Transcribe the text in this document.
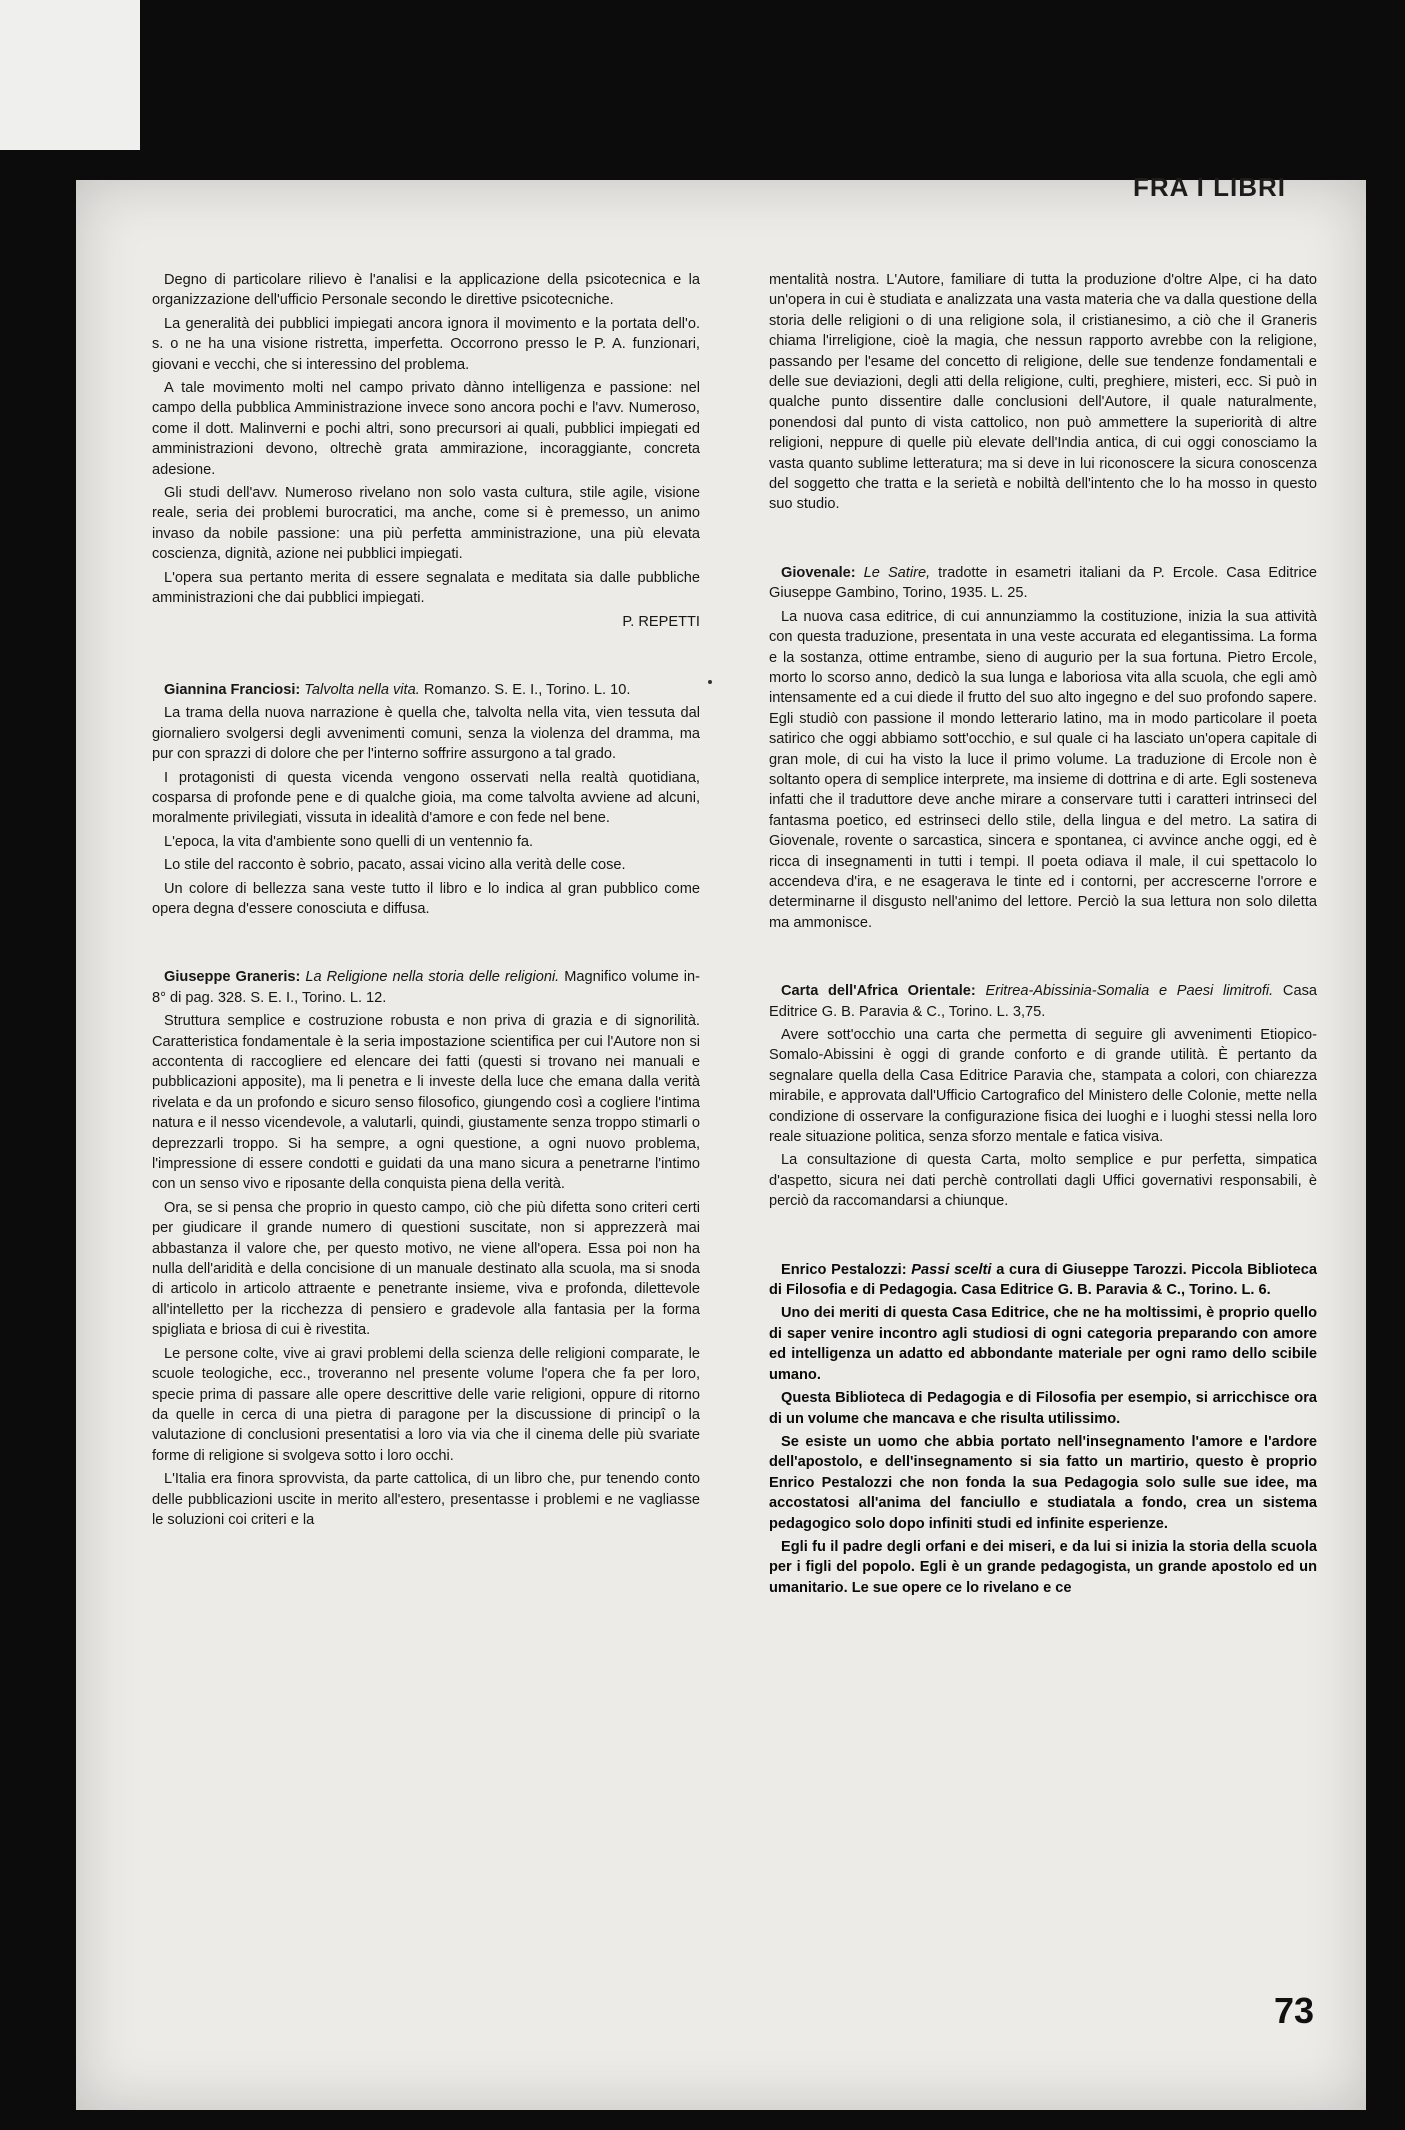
FRA I LIBRI

Degno di particolare rilievo è l'analisi e la applicazione della psicotecnica e la organizzazione dell'ufficio Personale secondo le direttive psicotecniche.

La generalità dei pubblici impiegati ancora ignora il movimento e la portata dell'o. s. o ne ha una visione ristretta, imperfetta. Occorrono presso le P. A. funzionari, giovani e vecchi, che si interessino del problema.

A tale movimento molti nel campo privato dànno intelligenza e passione: nel campo della pubblica Amministrazione invece sono ancora pochi e l'avv. Numeroso, come il dott. Malinverni e pochi altri, sono precursori ai quali, pubblici impiegati ed amministrazioni devono, oltrechè grata ammirazione, incoraggiante, concreta adesione.

Gli studi dell'avv. Numeroso rivelano non solo vasta cultura, stile agile, visione reale, seria dei problemi burocratici, ma anche, come si è premesso, un animo invaso da nobile passione: una più perfetta amministrazione, una più elevata coscienza, dignità, azione nei pubblici impiegati.

L'opera sua pertanto merita di essere segnalata e meditata sia dalle pubbliche amministrazioni che dai pubblici impiegati.

P. REPETTI

Giannina Franciosi: Talvolta nella vita. Romanzo. S. E. I., Torino. L. 10.

La trama della nuova narrazione è quella che, talvolta nella vita, vien tessuta dal giornaliero svolgersi degli avvenimenti comuni, senza la violenza del dramma, ma pur con sprazzi di dolore che per l'interno soffrire assurgono a tal grado.

I protagonisti di questa vicenda vengono osservati nella realtà quotidiana, cosparsa di profonde pene e di qualche gioia, ma come talvolta avviene ad alcuni, moralmente privilegiati, vissuta in idealità d'amore e con fede nel bene.

L'epoca, la vita d'ambiente sono quelli di un ventennio fa.

Lo stile del racconto è sobrio, pacato, assai vicino alla verità delle cose.

Un colore di bellezza sana veste tutto il libro e lo indica al gran pubblico come opera degna d'essere conosciuta e diffusa.

Giuseppe Graneris: La Religione nella storia delle religioni. Magnifico volume in-8° di pag. 328. S. E. I., Torino. L. 12.

Struttura semplice e costruzione robusta e non priva di grazia e di signorilità. Caratteristica fondamentale è la seria impostazione scientifica per cui l'Autore non si accontenta di raccogliere ed elencare dei fatti (questi si trovano nei manuali e pubblicazioni apposite), ma li penetra e li investe della luce che emana dalla verità rivelata e da un profondo e sicuro senso filosofico, giungendo così a cogliere l'intima natura e il nesso vicendevole, a valutarli, quindi, giustamente senza troppo stimarli o deprezzarli troppo. Si ha sempre, a ogni questione, a ogni nuovo problema, l'impressione di essere condotti e guidati da una mano sicura a penetrarne l'intimo con un senso vivo e riposante della conquista piena della verità.

Ora, se si pensa che proprio in questo campo, ciò che più difetta sono criteri certi per giudicare il grande numero di questioni suscitate, non si apprezzerà mai abbastanza il valore che, per questo motivo, ne viene all'opera. Essa poi non ha nulla dell'aridità e della concisione di un manuale destinato alla scuola, ma si snoda di articolo in articolo attraente e penetrante insieme, viva e profonda, dilettevole all'intelletto per la ricchezza di pensiero e gradevole alla fantasia per la forma spigliata e briosa di cui è rivestita.

Le persone colte, vive ai gravi problemi della scienza delle religioni comparate, le scuole teologiche, ecc., troveranno nel presente volume l'opera che fa per loro, specie prima di passare alle opere descrittive delle varie religioni, oppure di ritorno da quelle in cerca di una pietra di paragone per la discussione di principî o la valutazione di conclusioni presentatisi a loro via via che il cinema delle più svariate forme di religione si svolgeva sotto i loro occhi.

L'Italia era finora sprovvista, da parte cattolica, di un libro che, pur tenendo conto delle pubblicazioni uscite in merito all'estero, presentasse i problemi e ne vagliasse le soluzioni coi criteri e la

mentalità nostra. L'Autore, familiare di tutta la produzione d'oltre Alpe, ci ha dato un'opera in cui è studiata e analizzata una vasta materia che va dalla questione della storia delle religioni o di una religione sola, il cristianesimo, a ciò che il Graneris chiama l'irreligione, cioè la magia, che nessun rapporto avrebbe con la religione, passando per l'esame del concetto di religione, delle sue tendenze fondamentali e delle sue deviazioni, degli atti della religione, culti, preghiere, misteri, ecc. Si può in qualche punto dissentire dalle conclusioni dell'Autore, il quale naturalmente, ponendosi dal punto di vista cattolico, non può ammettere la superiorità di altre religioni, neppure di quelle più elevate dell'India antica, di cui oggi conosciamo la vasta quanto sublime letteratura; ma si deve in lui riconoscere la sicura conoscenza del soggetto che tratta e la serietà e nobiltà dell'intento che lo ha mosso in questo suo studio.

Giovenale: Le Satire, tradotte in esametri italiani da P. Ercole. Casa Editrice Giuseppe Gambino, Torino, 1935. L. 25.

La nuova casa editrice, di cui annunziammo la costituzione, inizia la sua attività con questa traduzione, presentata in una veste accurata ed elegantissima. La forma e la sostanza, ottime entrambe, sieno di augurio per la sua fortuna. Pietro Ercole, morto lo scorso anno, dedicò la sua lunga e laboriosa vita alla scuola, che egli amò intensamente ed a cui diede il frutto del suo alto ingegno e del suo profondo sapere. Egli studiò con passione il mondo letterario latino, ma in modo particolare il poeta satirico che oggi abbiamo sott'occhio, e sul quale ci ha lasciato un'opera capitale di gran mole, di cui ha visto la luce il primo volume. La traduzione di Ercole non è soltanto opera di semplice interprete, ma insieme di dottrina e di arte. Egli sosteneva infatti che il traduttore deve anche mirare a conservare tutti i caratteri intrinseci del fantasma poetico, ed estrinseci dello stile, della lingua e del metro. La satira di Giovenale, rovente o sarcastica, sincera e spontanea, ci avvince anche oggi, ed è ricca di insegnamenti in tutti i tempi. Il poeta odiava il male, il cui spettacolo lo accendeva d'ira, e ne esagerava le tinte ed i contorni, per accrescerne l'orrore e determinarne il disgusto nell'animo del lettore. Perciò la sua lettura non solo diletta ma ammonisce.

Carta dell'Africa Orientale: Eritrea-Abissinia-Somalia e Paesi limitrofi. Casa Editrice G. B. Paravia & C., Torino. L. 3,75.

Avere sott'occhio una carta che permetta di seguire gli avvenimenti Etiopico-Somalo-Abissini è oggi di grande conforto e di grande utilità. È pertanto da segnalare quella della Casa Editrice Paravia che, stampata a colori, con chiarezza mirabile, e approvata dall'Ufficio Cartografico del Ministero delle Colonie, mette nella condizione di osservare la configurazione fisica dei luoghi e i luoghi stessi nella loro reale situazione politica, senza sforzo mentale e fatica visiva.

La consultazione di questa Carta, molto semplice e pur perfetta, simpatica d'aspetto, sicura nei dati perchè controllati dagli Uffici governativi responsabili, è perciò da raccomandarsi a chiunque.

Enrico Pestalozzi: Passi scelti a cura di Giuseppe Tarozzi. Piccola Biblioteca di Filosofia e di Pedagogia. Casa Editrice G. B. Paravia & C., Torino. L. 6.

Uno dei meriti di questa Casa Editrice, che ne ha moltissimi, è proprio quello di saper venire incontro agli studiosi di ogni categoria preparando con amore ed intelligenza un adatto ed abbondante materiale per ogni ramo dello scibile umano.

Questa Biblioteca di Pedagogia e di Filosofia per esempio, si arricchisce ora di un volume che mancava e che risulta utilissimo.

Se esiste un uomo che abbia portato nell'insegnamento l'amore e l'ardore dell'apostolo, e dell'insegnamento si sia fatto un martirio, questo è proprio Enrico Pestalozzi che non fonda la sua Pedagogia solo sulle sue idee, ma accostatosi all'anima del fanciullo e studiatala a fondo, crea un sistema pedagogico solo dopo infiniti studi ed infinite esperienze.

Egli fu il padre degli orfani e dei miseri, e da lui si inizia la storia della scuola per i figli del popolo. Egli è un grande pedagogista, un grande apostolo ed un umanitario. Le sue opere ce lo rivelano e ce

73
